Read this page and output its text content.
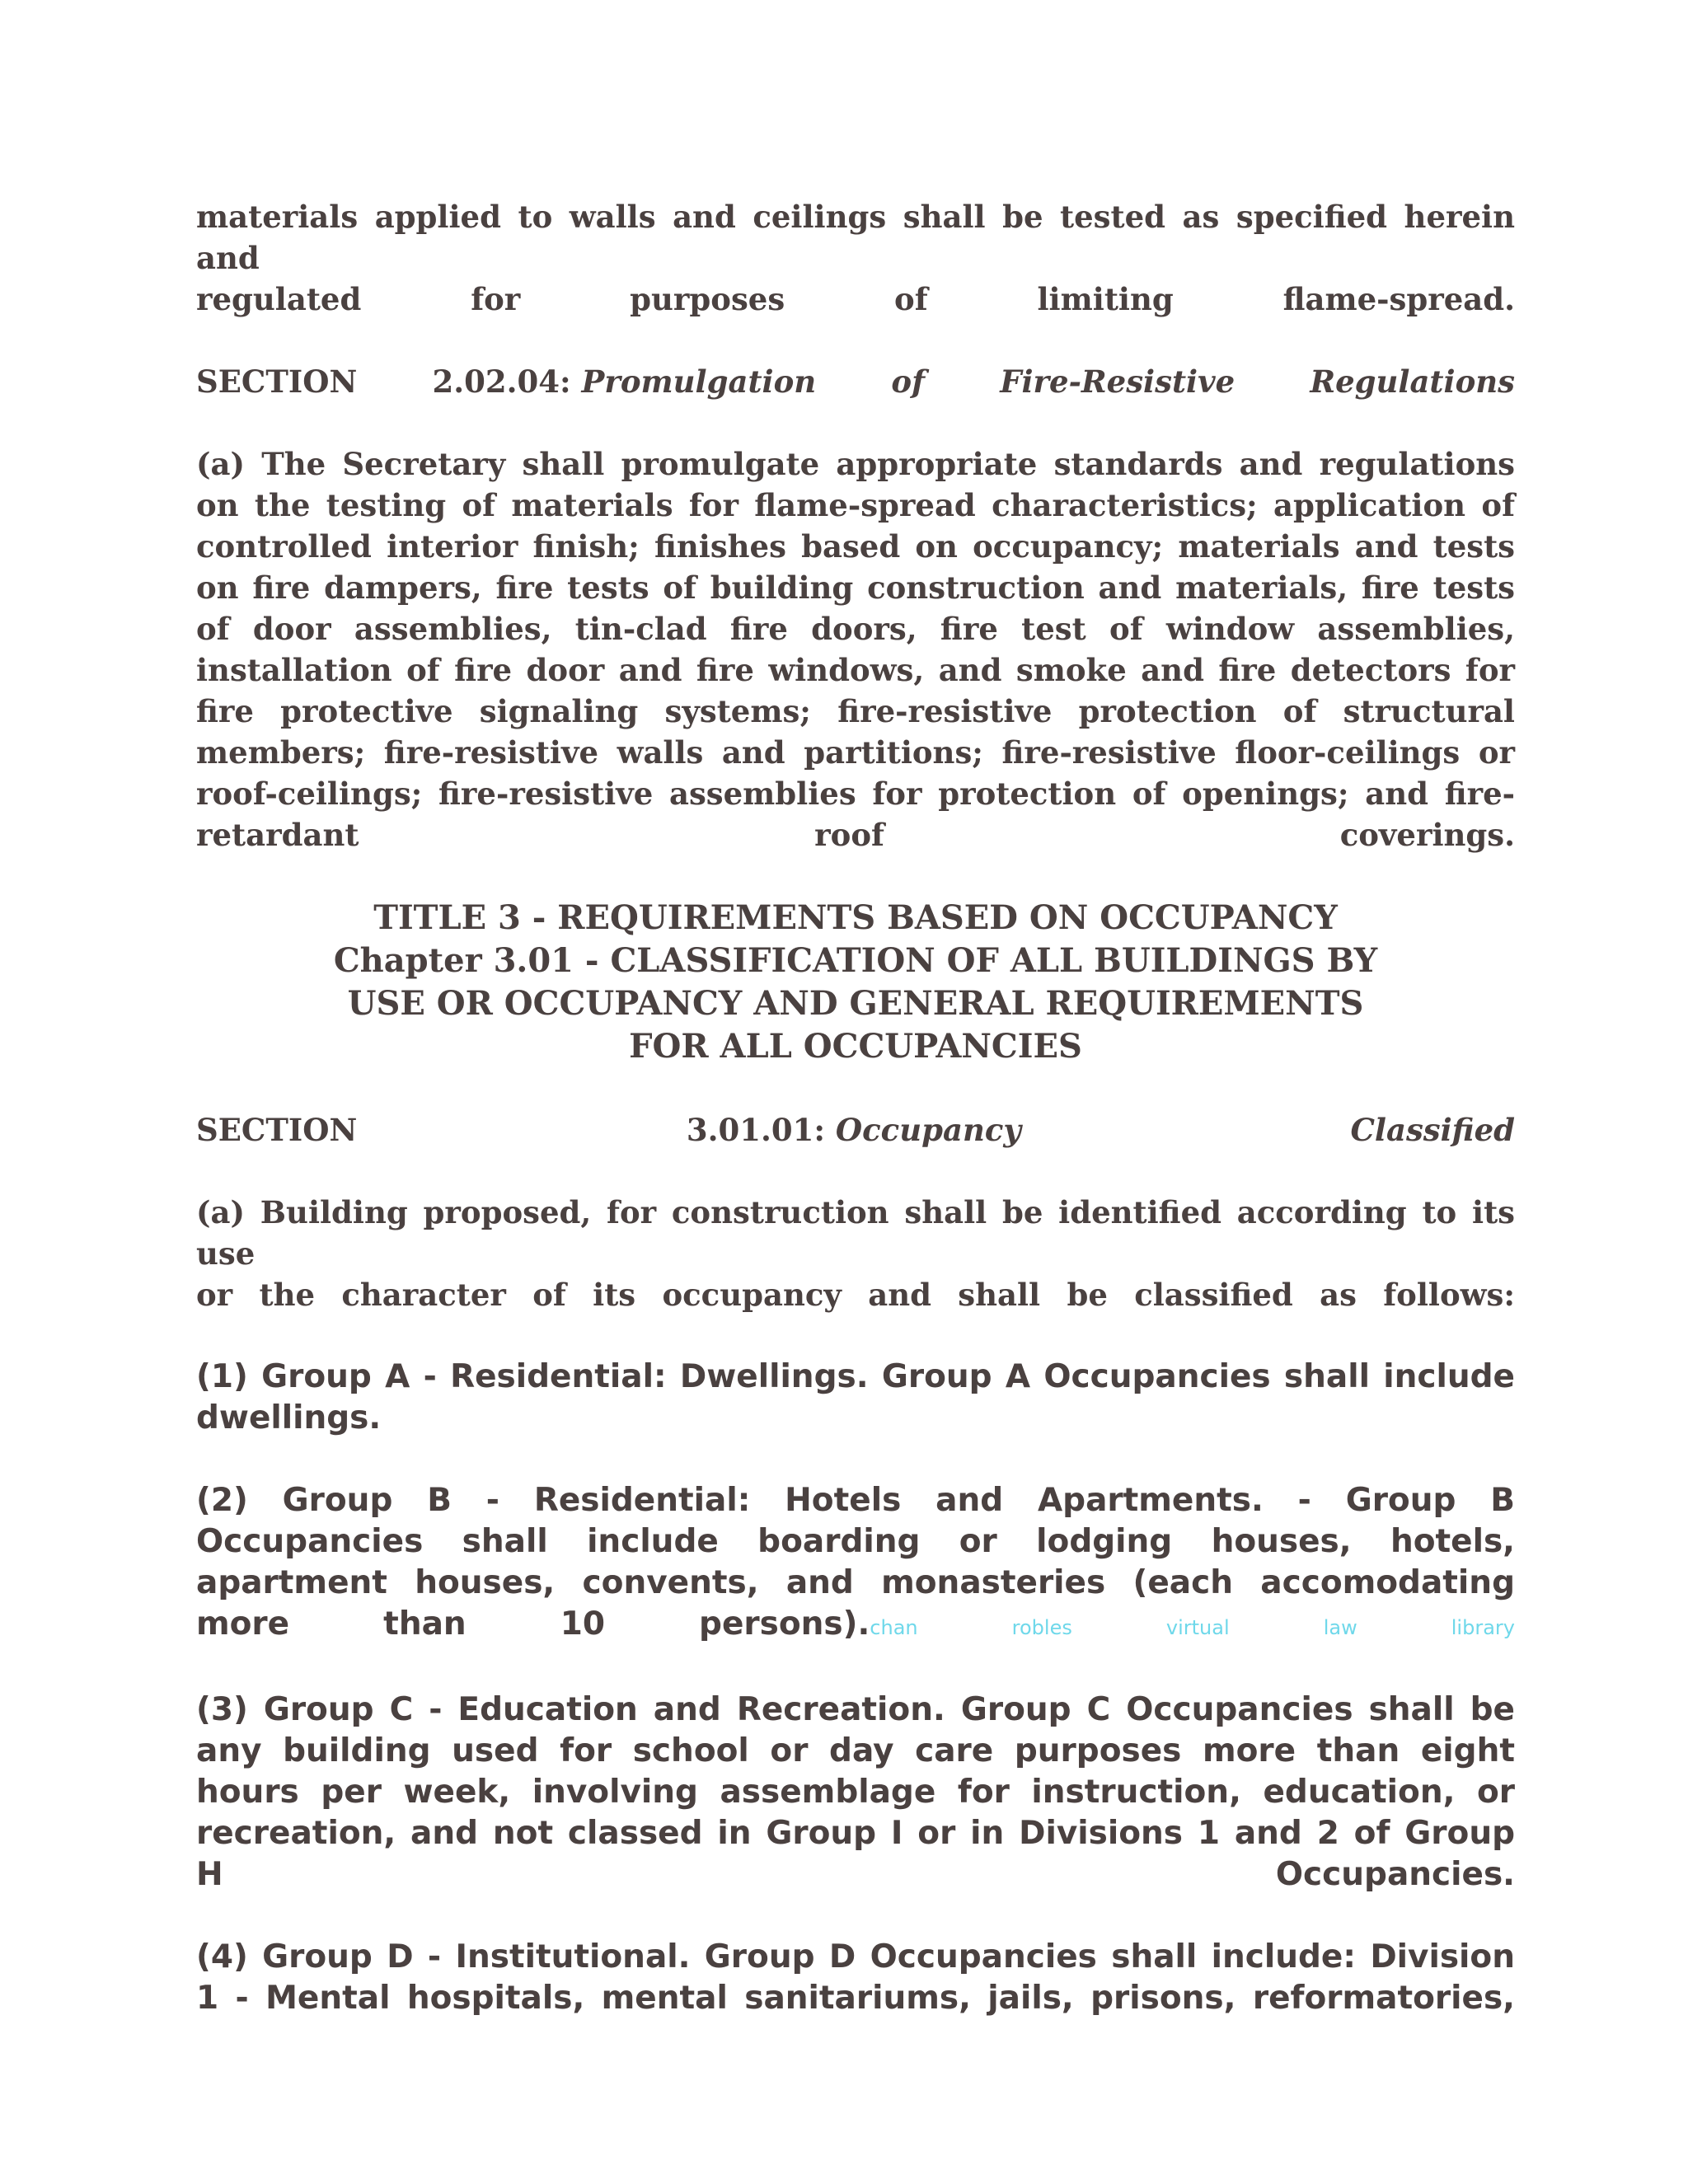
materials applied to walls and ceilings shall be tested as specified herein and

regulated for purposes of limiting flame-spread.

SECTION 2.02.04: Promulgation of Fire-Resistive Regulations

(a) The Secretary shall promulgate appropriate standards and regulations on the testing of materials for flame-spread characteristics; application of controlled interior finish; finishes based on occupancy; materials and tests on fire dampers, fire tests of building construction and materials, fire tests of door assemblies, tin-clad fire doors, fire test of window assemblies, installation of fire door and fire windows, and smoke and fire detectors for fire protective signaling systems; fire-resistive protection of structural members; fire-resistive walls and partitions; fire-resistive floor-ceilings or roof-ceilings; fire-resistive assemblies for protection of openings; and fire-

retardant roof coverings.

TITLE 3 - REQUIREMENTS BASED ON OCCUPANCY

Chapter 3.01 - CLASSIFICATION OF ALL BUILDINGS BY

USE OR OCCUPANCY AND GENERAL REQUIREMENTS

FOR ALL OCCUPANCIES

SECTION	3.01.01: Occupancy	Classified

(a) Building proposed, for construction shall be identified according to its use

or the character of its occupancy and shall be classified as follows:

(1) Group A - Residential: Dwellings. Group A Occupancies shall include

dwellings.

(2) Group B - Residential: Hotels and Apartments. - Group B Occupancies shall include boarding or lodging houses, hotels, apartment houses, convents, and monasteries (each accomodating

more	than	10	persons).chan	robles	virtual	law	library

(3) Group C - Education and Recreation. Group C Occupancies shall be any building used for school or day care purposes more than eight hours per week, involving assemblage for instruction, education, or recreation, and not classed in Group I or in Divisions 1 and 2 of Group

H	Occupancies.

(4) Group D - Institutional. Group D Occupancies shall include: Division

1 - Mental hospitals, mental sanitariums, jails, prisons, reformatories,
